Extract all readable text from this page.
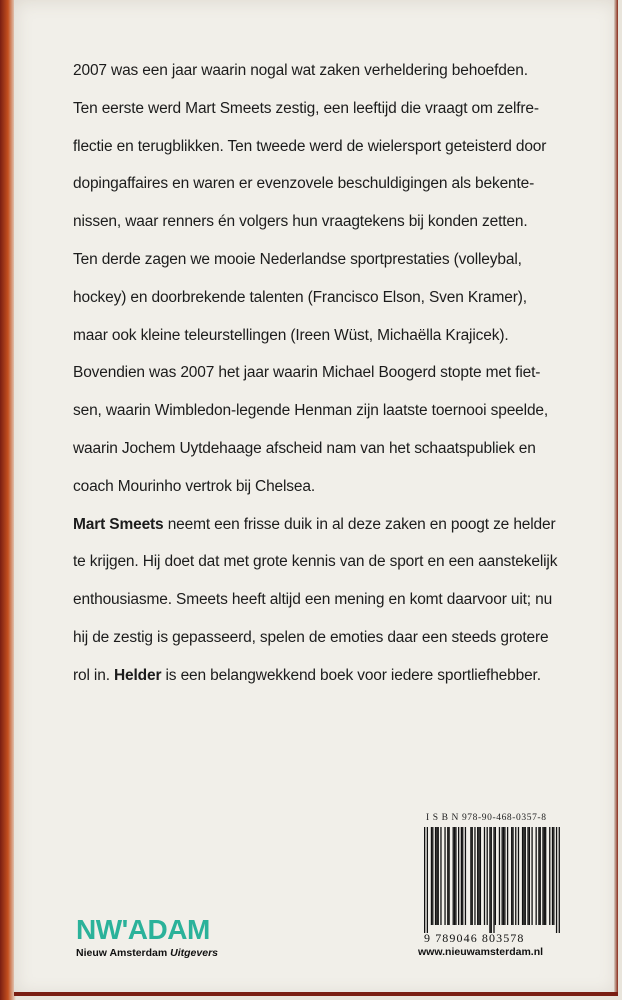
2007 was een jaar waarin nogal wat zaken verheldering behoefden.
Ten eerste werd Mart Smeets zestig, een leeftijd die vraagt om zelfre-
flectie en terugblikken. Ten tweede werd de wielersport geteisterd door
dopingaffaires en waren er evenzovele beschuldigingen als bekente-
nissen, waar renners én volgers hun vraagtekens bij konden zetten.
Ten derde zagen we mooie Nederlandse sportprestaties (volleybal,
hockey) en doorbrekende talenten (Francisco Elson, Sven Kramer),
maar ook kleine teleurstellingen (Ireen Wüst, Michaëlla Krajicek).
Bovendien was 2007 het jaar waarin Michael Boogerd stopte met fiet-
sen, waarin Wimbledon-legende Henman zijn laatste toernooi speelde,
waarin Jochem Uytdehaage afscheid nam van het schaatspubliek en
coach Mourinho vertrok bij Chelsea.
Mart Smeets neemt een frisse duik in al deze zaken en poogt ze helder
te krijgen. Hij doet dat met grote kennis van de sport en een aanstekelijk
enthousiasme. Smeets heeft altijd een mening en komt daarvoor uit; nu
hij de zestig is gepasseerd, spelen de emoties daar een steeds grotere
rol in. Helder is een belangwekkend boek voor iedere sportliefhebber.
I S B N 978-90-468-0357-8
9 789046 803578
www.nieuwamsterdam.nl
NW'ADAM
Nieuw Amsterdam Uitgevers
